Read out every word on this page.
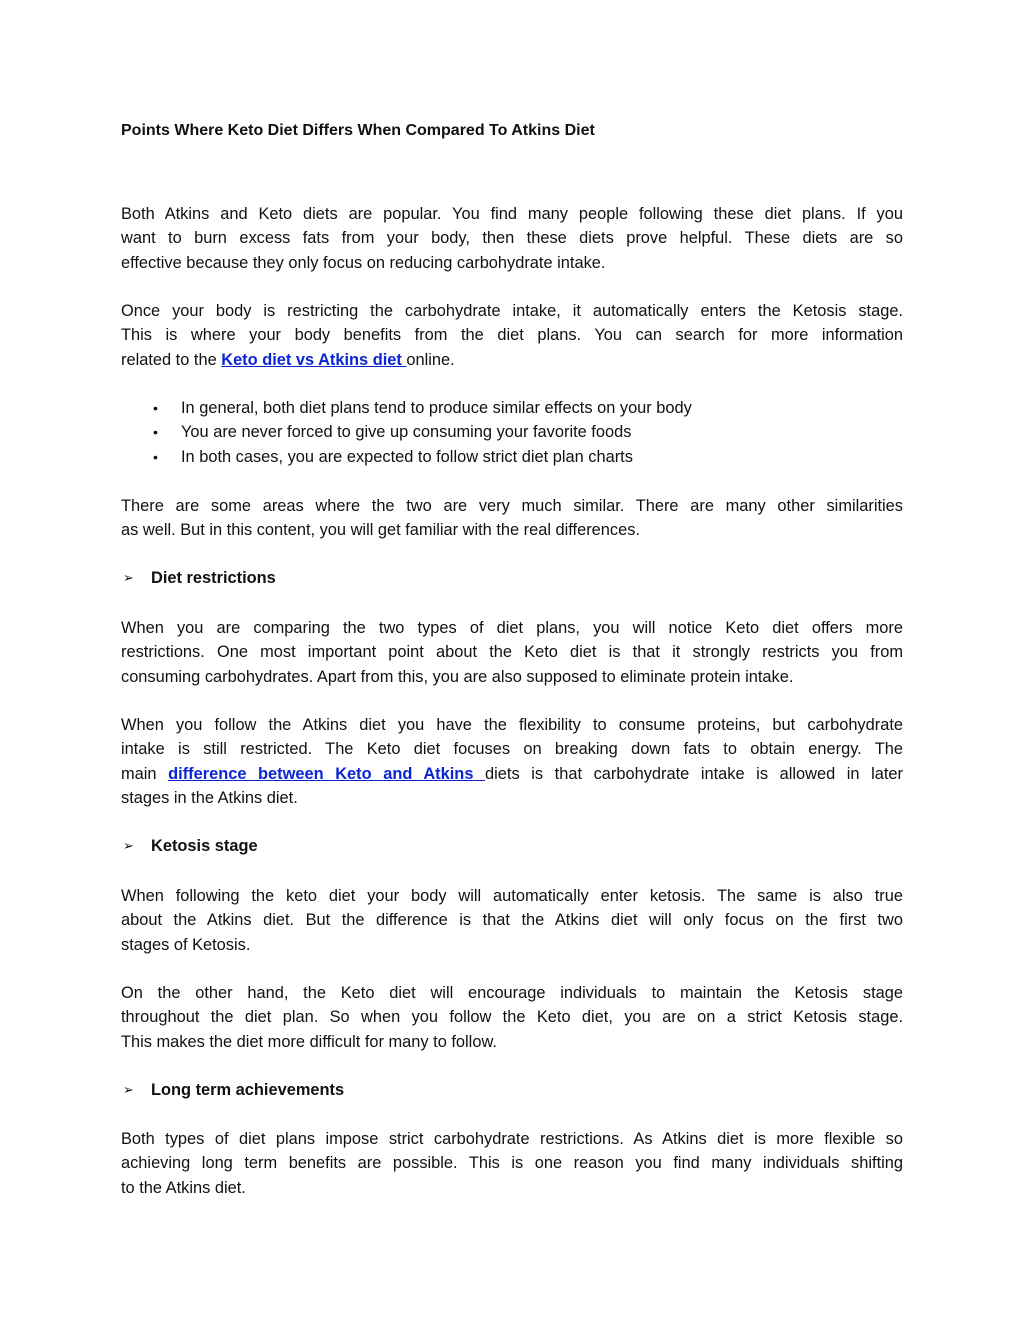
Points Where Keto Diet Differs When Compared To Atkins Diet

Both Atkins and Keto diets are popular. You find many people following these diet plans. If you
want to burn excess fats from your body, then these diets prove helpful. These diets are so
effective because they only focus on reducing carbohydrate intake.

Once your body is restricting the carbohydrate intake, it automatically enters the Ketosis stage.
This is where your body benefits from the diet plans. You can search for more information
related to the Keto diet vs Atkins diet online.

• In general, both diet plans tend to produce similar effects on your body
• You are never forced to give up consuming your favorite foods
• In both cases, you are expected to follow strict diet plan charts

There are some areas where the two are very much similar. There are many other similarities
as well. But in this content, you will get familiar with the real differences.

➢ Diet restrictions

When you are comparing the two types of diet plans, you will notice Keto diet offers more
restrictions. One most important point about the Keto diet is that it strongly restricts you from
consuming carbohydrates. Apart from this, you are also supposed to eliminate protein intake.

When you follow the Atkins diet you have the flexibility to consume proteins, but carbohydrate
intake is still restricted. The Keto diet focuses on breaking down fats to obtain energy. The
main difference between Keto and Atkins diets is that carbohydrate intake is allowed in later
stages in the Atkins diet.

➢ Ketosis stage

When following the keto diet your body will automatically enter ketosis. The same is also true
about the Atkins diet. But the difference is that the Atkins diet will only focus on the first two
stages of Ketosis.

On the other hand, the Keto diet will encourage individuals to maintain the Ketosis stage
throughout the diet plan. So when you follow the Keto diet, you are on a strict Ketosis stage.
This makes the diet more difficult for many to follow.

➢ Long term achievements

Both types of diet plans impose strict carbohydrate restrictions. As Atkins diet is more flexible so
achieving long term benefits are possible. This is one reason you find many individuals shifting
to the Atkins diet.
